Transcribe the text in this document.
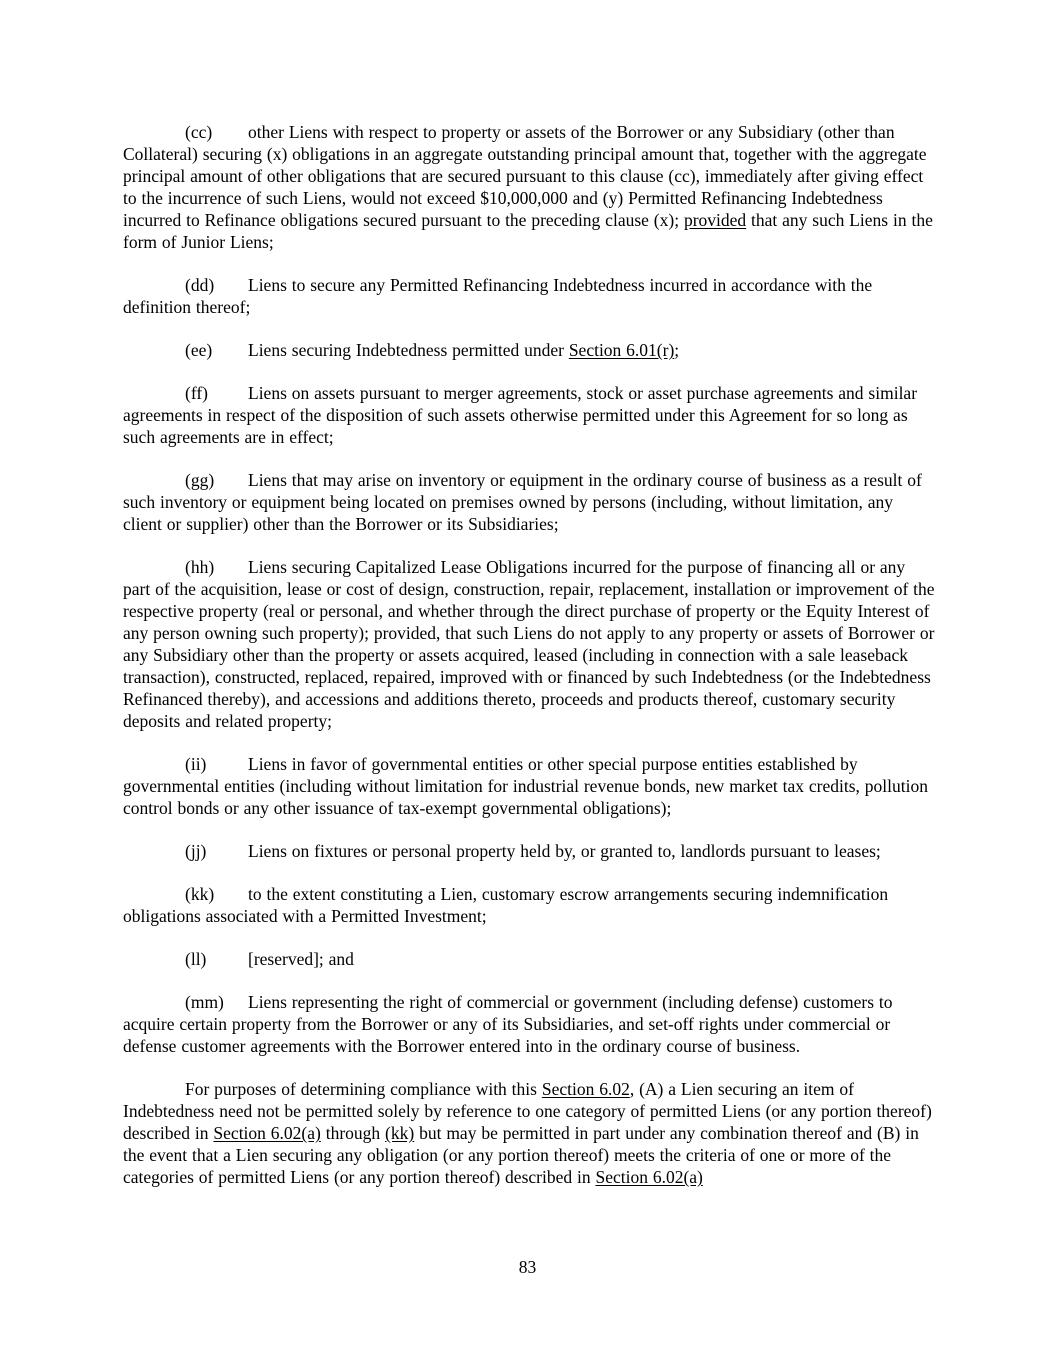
(cc) other Liens with respect to property or assets of the Borrower or any Subsidiary (other than Collateral) securing (x) obligations in an aggregate outstanding principal amount that, together with the aggregate principal amount of other obligations that are secured pursuant to this clause (cc), immediately after giving effect to the incurrence of such Liens, would not exceed $10,000,000 and (y) Permitted Refinancing Indebtedness incurred to Refinance obligations secured pursuant to the preceding clause (x); provided that any such Liens in the form of Junior Liens;

(dd) Liens to secure any Permitted Refinancing Indebtedness incurred in accordance with the definition thereof;

(ee) Liens securing Indebtedness permitted under Section 6.01(r);

(ff) Liens on assets pursuant to merger agreements, stock or asset purchase agreements and similar agreements in respect of the disposition of such assets otherwise permitted under this Agreement for so long as such agreements are in effect;

(gg) Liens that may arise on inventory or equipment in the ordinary course of business as a result of such inventory or equipment being located on premises owned by persons (including, without limitation, any client or supplier) other than the Borrower or its Subsidiaries;

(hh) Liens securing Capitalized Lease Obligations incurred for the purpose of financing all or any part of the acquisition, lease or cost of design, construction, repair, replacement, installation or improvement of the respective property (real or personal, and whether through the direct purchase of property or the Equity Interest of any person owning such property); provided, that such Liens do not apply to any property or assets of Borrower or any Subsidiary other than the property or assets acquired, leased (including in connection with a sale leaseback transaction), constructed, replaced, repaired, improved with or financed by such Indebtedness (or the Indebtedness Refinanced thereby), and accessions and additions thereto, proceeds and products thereof, customary security deposits and related property;

(ii) Liens in favor of governmental entities or other special purpose entities established by governmental entities (including without limitation for industrial revenue bonds, new market tax credits, pollution control bonds or any other issuance of tax-exempt governmental obligations);

(jj) Liens on fixtures or personal property held by, or granted to, landlords pursuant to leases;

(kk) to the extent constituting a Lien, customary escrow arrangements securing indemnification obligations associated with a Permitted Investment;

(ll) [reserved]; and

(mm) Liens representing the right of commercial or government (including defense) customers to acquire certain property from the Borrower or any of its Subsidiaries, and set-off rights under commercial or defense customer agreements with the Borrower entered into in the ordinary course of business.

For purposes of determining compliance with this Section 6.02, (A) a Lien securing an item of Indebtedness need not be permitted solely by reference to one category of permitted Liens (or any portion thereof) described in Section 6.02(a) through (kk) but may be permitted in part under any combination thereof and (B) in the event that a Lien securing any obligation (or any portion thereof) meets the criteria of one or more of the categories of permitted Liens (or any portion thereof) described in Section 6.02(a)

83
